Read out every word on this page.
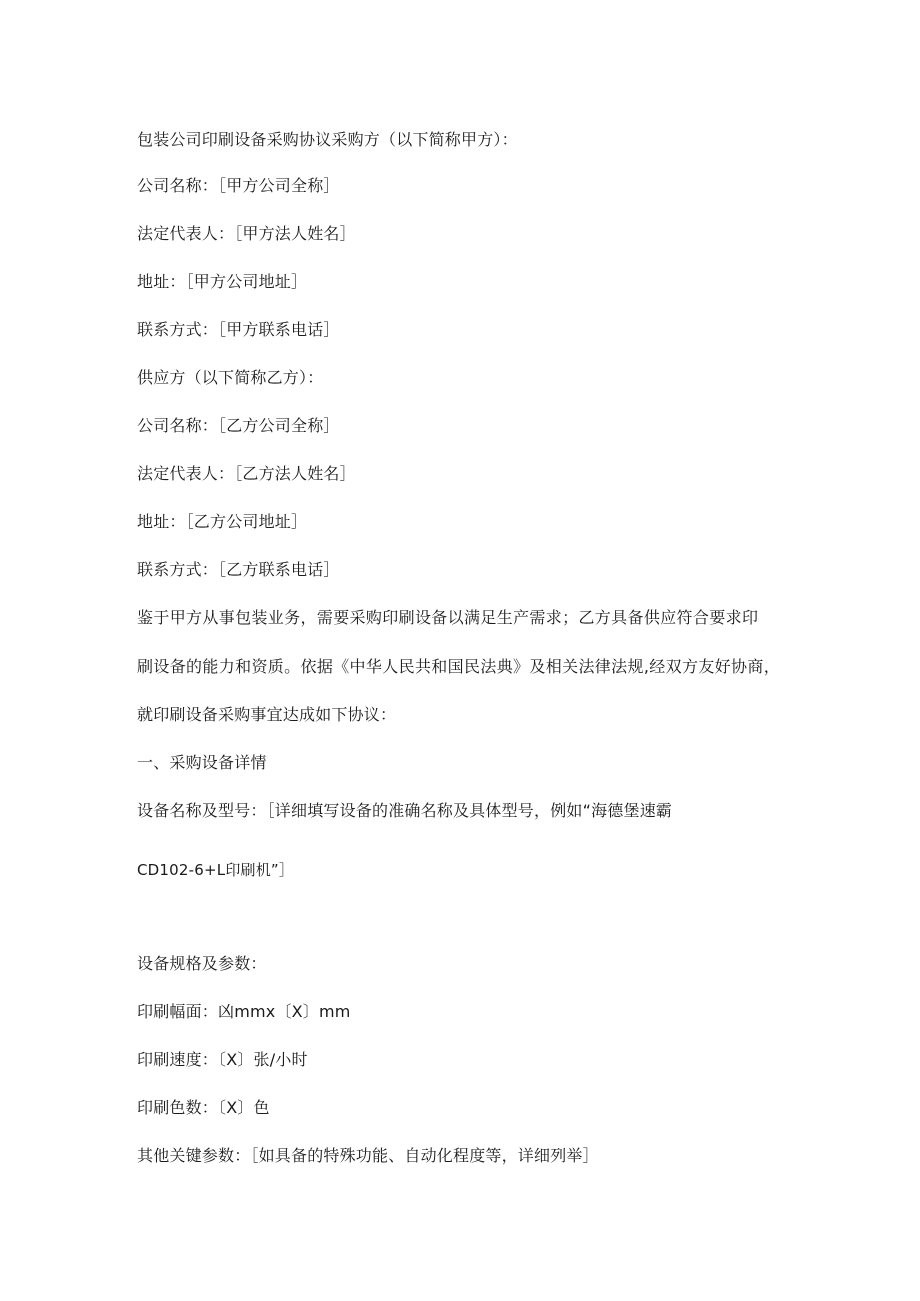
包装公司印刷设备采购协议采购方（以下简称甲方）：
公司名称：［甲方公司全称］
法定代表人：［甲方法人姓名］
地址：［甲方公司地址］
联系方式：［甲方联系电话］
供应方（以下简称乙方）：
公司名称：［乙方公司全称］
法定代表人：［乙方法人姓名］
地址：［乙方公司地址］
联系方式：［乙方联系电话］
鉴于甲方从事包装业务，需要采购印刷设备以满足生产需求；乙方具备供应符合要求印
刷设备的能力和资质。依据《中华人民共和国民法典》及相关法律法规,经双方友好协商，
就印刷设备采购事宜达成如下协议：
一、采购设备详情
设备名称及型号：［详细填写设备的准确名称及具体型号，例如“海德堡速霸
CD102-6+L印刷机”］
设备规格及参数：
印刷幅面：凶mmx〔X〕mm
印刷速度：〔X〕张/小时
印刷色数：〔X〕色
其他关键参数：［如具备的特殊功能、自动化程度等，详细列举］
